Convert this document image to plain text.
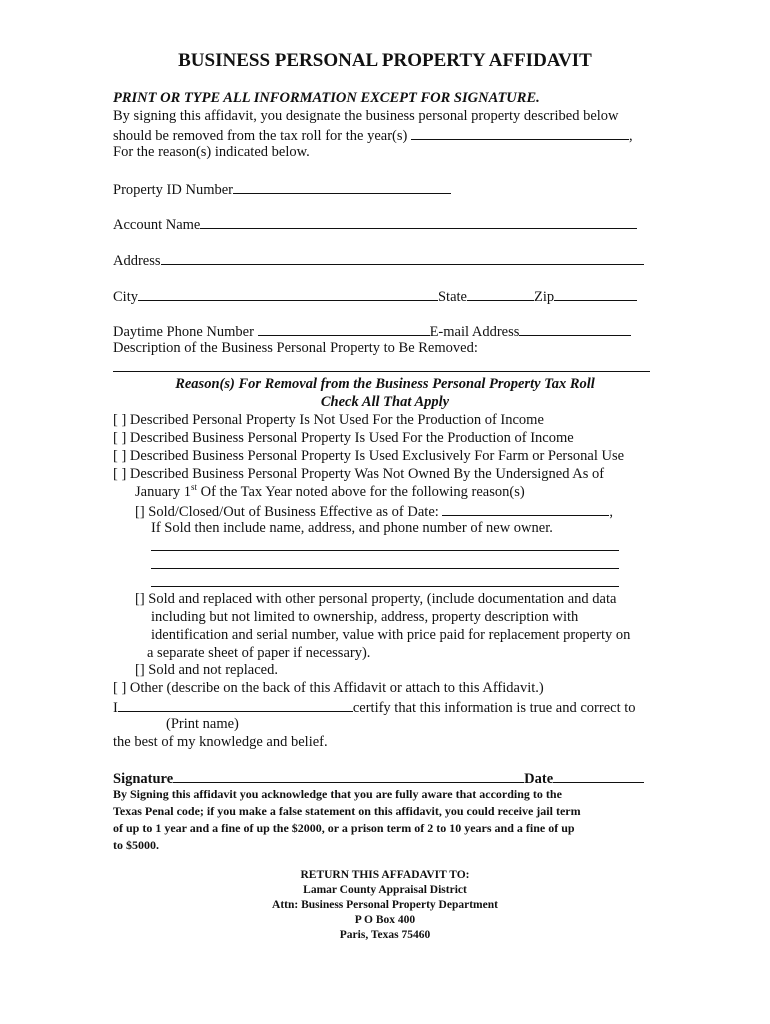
BUSINESS PERSONAL PROPERTY AFFIDAVIT
PRINT OR TYPE ALL INFORMATION EXCEPT FOR SIGNATURE.
By signing this affidavit, you designate the business personal property described below
should be removed from the tax roll for the year(s)	,
For the reason(s) indicated below.
Property ID Number
Account Name
Address
City	State	Zip
Daytime Phone Number	E-mail Address
Description of the Business Personal Property to Be Removed:
Reason(s) For Removal from the Business Personal Property Tax Roll
Check All That Apply
[ ] Described Personal Property Is Not Used For the Production of Income
[ ] Described Business Personal Property Is Used For the Production of Income
[ ] Described Business Personal Property Is Used Exclusively For Farm or Personal Use
[ ] Described Business Personal Property Was Not Owned By the Undersigned As of
January 1st Of the Tax Year noted above for the following reason(s)
[] Sold/Closed/Out of Business Effective as of Date:	,
If Sold then include name, address, and phone number of new owner.
[] Sold and replaced with other personal property, (include documentation and data
including but not limited to ownership, address, property description with
identification and serial number, value with price paid for replacement property on
a separate sheet of paper if necessary).
[] Sold and not replaced.
[ ] Other (describe on the back of this Affidavit or attach to this Affidavit.)
I	certify that this information is true and correct to
(Print name)
the best of my knowledge and belief.
Signature	Date
By Signing this affidavit you acknowledge that you are fully aware that according to the
Texas Penal code; if you make a false statement on this affidavit, you could receive jail term
of up to 1 year and a fine of up the $2000, or a prison term of 2 to 10 years and a fine of up
to $5000.
RETURN THIS AFFADAVIT TO:
Lamar County Appraisal District
Attn: Business Personal Property Department
P O Box 400
Paris, Texas 75460
